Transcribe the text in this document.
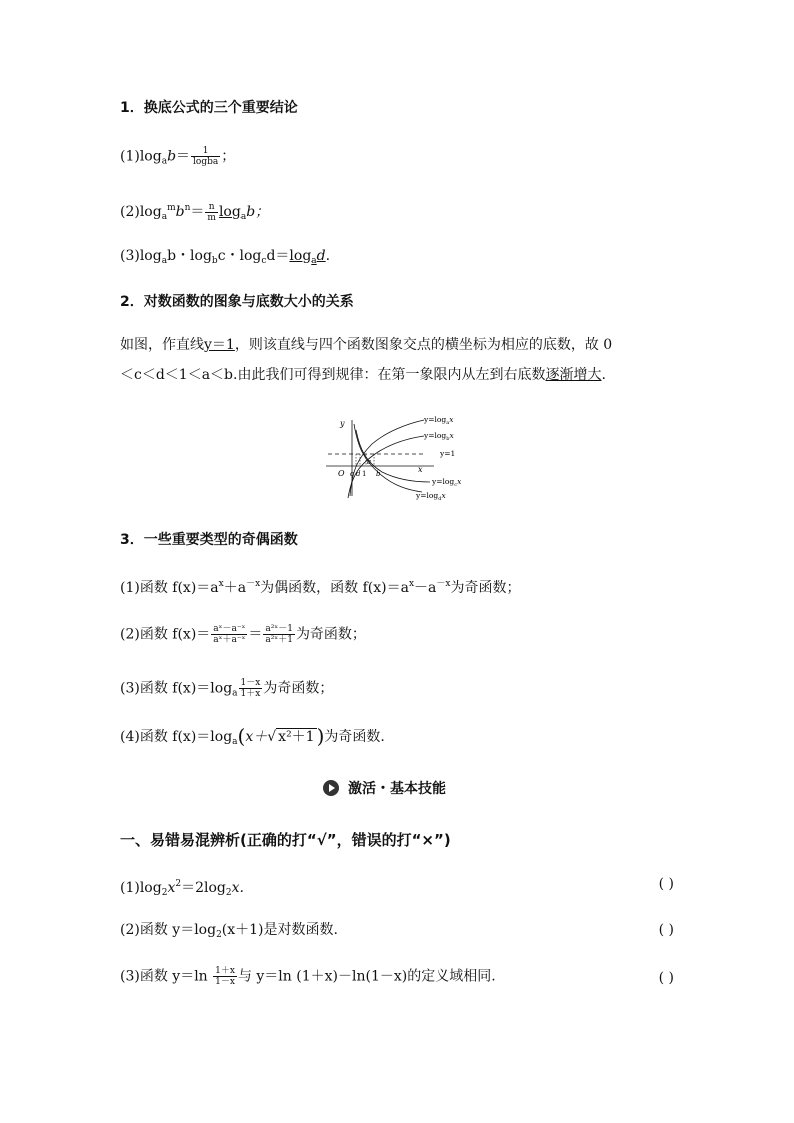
1．换底公式的三个重要结论
$(1)\log_ab= \frac{1}{\text{logba}}$ ；
$(2)\log_a^mb^n= \frac{n}{m} \log_ab$；
$(3)\log_ab$・$\log_bc$・$\log_cd=\log_ad$.
2．对数函数的图象与底数大小的关系
如图，作直线y＝1，则该直线与四个函数图象交点的横坐标为相应的底数，故 0
＜c＜d＜1＜a＜b.由此我们可得到规律：在第一象限内从左到右底数逐渐增大.
y
x
O c d 1
a
b
$y=\log_ax$
$y=\log_bx$
y=1
$y=\log_cx$
$y=\log_dx$
3．一些重要类型的奇偶函数
(1)函数 $f(x)=a^x+a^{-x}$为偶函数，函数 $f(x)=a^x-a^{-x}$为奇函数；
(2)函数 $f(x)= \frac{\text{aˣ－a⁻ˣ}}{\text{aˣ＋a⁻ˣ}} = \frac{\text{a²ˣ－1}}{\text{a²ˣ＋1}}$ 为奇函数；
(3)函数 $f(x)=\log_a \frac{1-x}{1+x}$ 为奇函数；
(4)函数 $f(x)=\log_a(x+√$ x²＋1 )为奇函数.
激活・基本技能
一、易错易混辨析(正确的打“√”，错误的打“×”)
$(1)\log_2x^2=2\log_2x$.	( )
(2)函数 $y=\log_2(x+1)$是对数函数.	( )
(3)函数 $y=\ln \frac{1+x}{1-x}$ 与 y＝ln (1＋x)－ln(1－x)的定义域相同.	( )
